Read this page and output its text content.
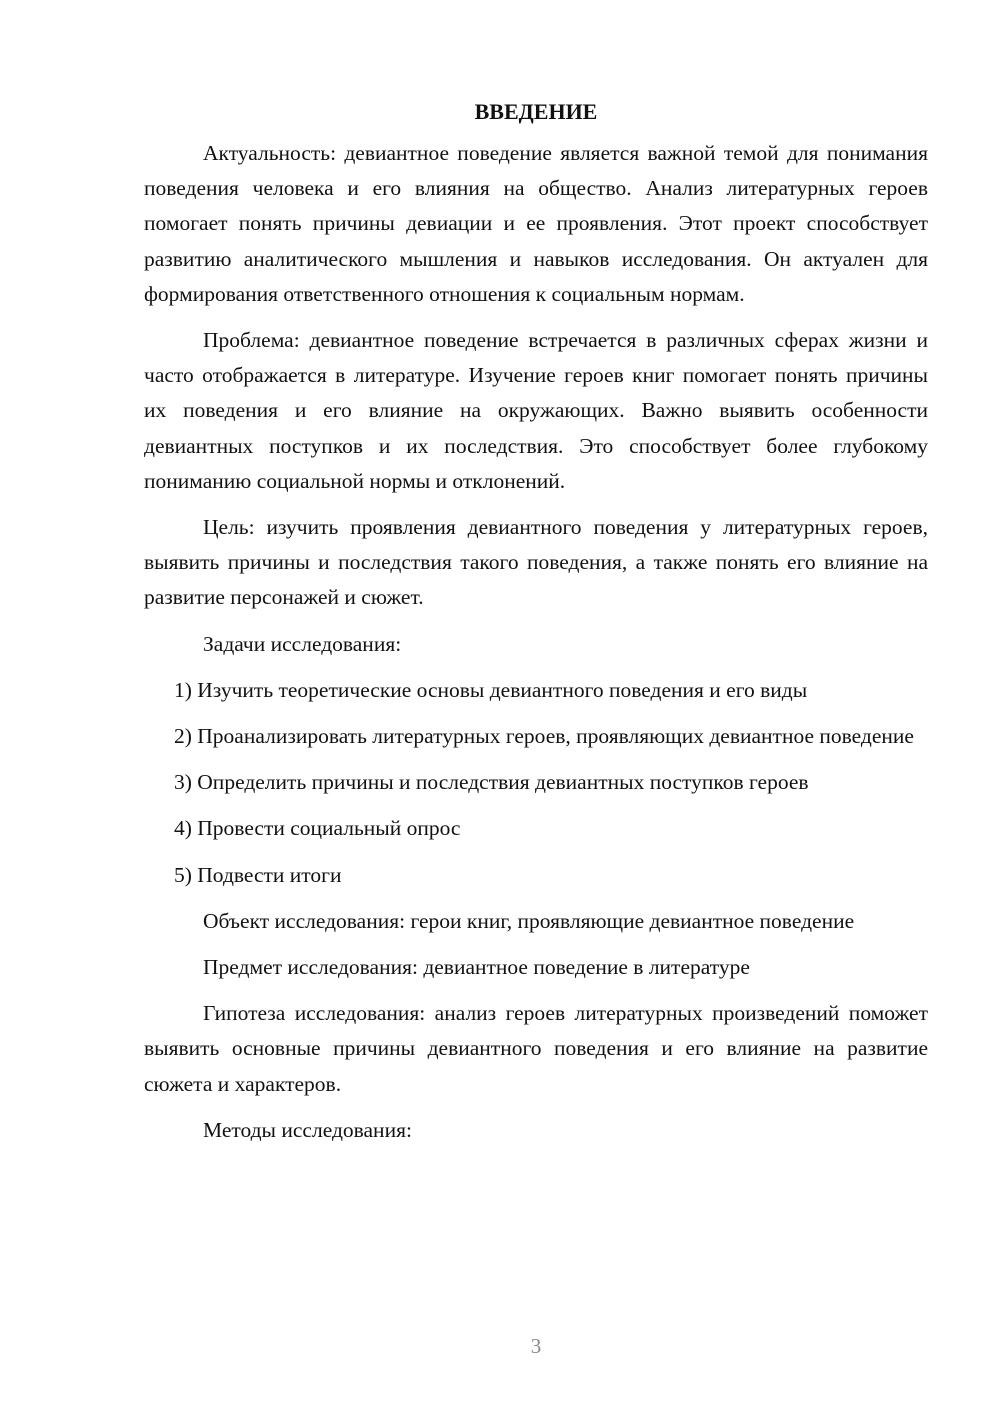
ВВЕДЕНИЕ

Актуальность: девиантное поведение является важной темой для понимания поведения человека и его влияния на общество. Анализ литературных героев помогает понять причины девиации и ее проявления. Этот проект способствует развитию аналитического мышления и навыков исследования. Он актуален для формирования ответственного отношения к социальным нормам.

Проблема: девиантное поведение встречается в различных сферах жизни и часто отображается в литературе. Изучение героев книг помогает понять причины их поведения и его влияние на окружающих. Важно выявить особенности девиантных поступков и их последствия. Это способствует более глубокому пониманию социальной нормы и отклонений.

Цель: изучить проявления девиантного поведения у литературных героев, выявить причины и последствия такого поведения, а также понять его влияние на развитие персонажей и сюжет.

Задачи исследования:

1) Изучить теоретические основы девиантного поведения и его виды

2) Проанализировать литературных героев, проявляющих девиантное поведение

3) Определить причины и последствия девиантных поступков героев

4) Провести социальный опрос

5) Подвести итоги

Объект исследования: герои книг, проявляющие девиантное поведение

Предмет исследования: девиантное поведение в литературе

Гипотеза исследования: анализ героев литературных произведений поможет выявить основные причины девиантного поведения и его влияние на развитие сюжета и характеров.

Методы исследования:

3
